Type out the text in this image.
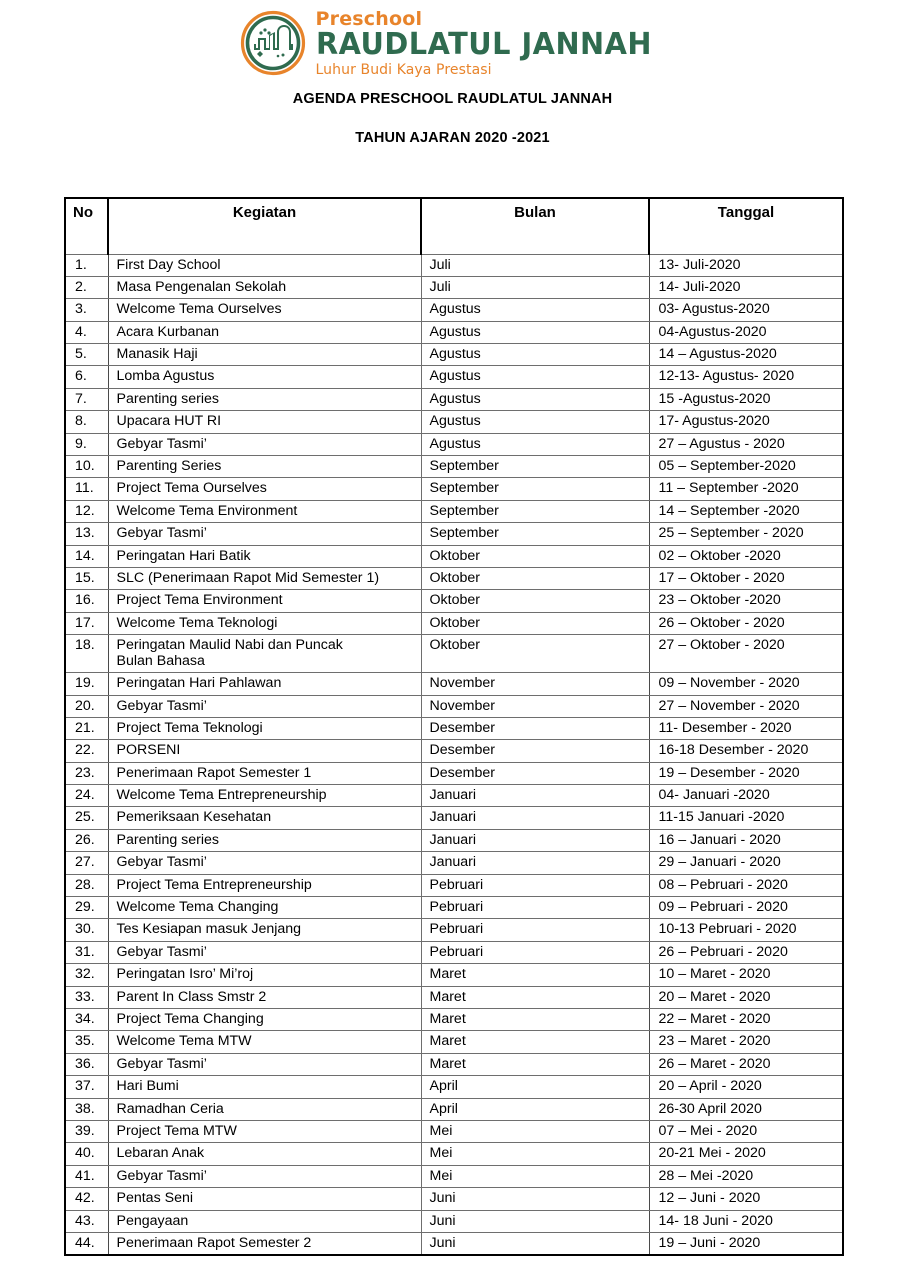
Preschool
RAUDLATUL JANNAH
Luhur Budi Kaya Prestasi
AGENDA PRESCHOOL RAUDLATUL JANNAH
TAHUN AJARAN 2020 -2021
No	Kegiatan	Bulan	Tanggal
1.	First Day School	Juli	13- Juli-2020
2.	Masa Pengenalan Sekolah	Juli	14- Juli-2020
3.	Welcome Tema Ourselves	Agustus	03- Agustus-2020
4.	Acara Kurbanan	Agustus	04-Agustus-2020
5.	Manasik Haji	Agustus	14 – Agustus-2020
6.	Lomba Agustus	Agustus	12-13- Agustus- 2020
7.	Parenting series	Agustus	15 -Agustus-2020
8.	Upacara HUT RI	Agustus	17- Agustus-2020
9.	Gebyar Tasmi’	Agustus	27 – Agustus - 2020
10.	Parenting Series	September	05 – September-2020
11.	Project Tema Ourselves	September	11 – September -2020
12.	Welcome Tema Environment	September	14 – September -2020
13.	Gebyar Tasmi’	September	25 – September - 2020
14.	Peringatan Hari Batik	Oktober	02 – Oktober -2020
15.	SLC (Penerimaan Rapot Mid Semester 1)	Oktober	17 – Oktober - 2020
16.	Project Tema Environment	Oktober	23 – Oktober -2020
17.	Welcome Tema Teknologi	Oktober	26 – Oktober - 2020
18.	Peringatan Maulid Nabi dan Puncak
Bulan Bahasa	Oktober	27 – Oktober - 2020
19.	Peringatan Hari Pahlawan	November	09 – November - 2020
20.	Gebyar Tasmi’	November	27 – November - 2020
21.	Project Tema Teknologi	Desember	11- Desember - 2020
22.	PORSENI	Desember	16-18 Desember - 2020
23.	Penerimaan Rapot Semester 1	Desember	19 – Desember - 2020
24.	Welcome Tema Entrepreneurship	Januari	04- Januari -2020
25.	Pemeriksaan Kesehatan	Januari	11-15 Januari -2020
26.	Parenting series	Januari	16 – Januari - 2020
27.	Gebyar Tasmi’	Januari	29 – Januari - 2020
28.	Project Tema Entrepreneurship	Pebruari	08 – Pebruari - 2020
29.	Welcome Tema Changing	Pebruari	09 – Pebruari - 2020
30.	Tes Kesiapan masuk Jenjang	Pebruari	10-13 Pebruari - 2020
31.	Gebyar Tasmi’	Pebruari	26 – Pebruari - 2020
32.	Peringatan Isro’ Mi’roj	Maret	10 – Maret - 2020
33.	Parent In Class Smstr 2	Maret	20 – Maret - 2020
34.	Project Tema Changing	Maret	22 – Maret - 2020
35.	Welcome Tema MTW	Maret	23 – Maret - 2020
36.	Gebyar Tasmi’	Maret	26 – Maret - 2020
37.	Hari Bumi	April	20 – April - 2020
38.	Ramadhan Ceria	April	26-30 April 2020
39.	Project Tema MTW	Mei	07 – Mei - 2020
40.	Lebaran Anak	Mei	20-21 Mei - 2020
41.	Gebyar Tasmi’	Mei	28 – Mei -2020
42.	Pentas Seni	Juni	12 – Juni - 2020
43.	Pengayaan	Juni	14- 18 Juni - 2020
44.	Penerimaan Rapot Semester 2	Juni	19 – Juni - 2020
